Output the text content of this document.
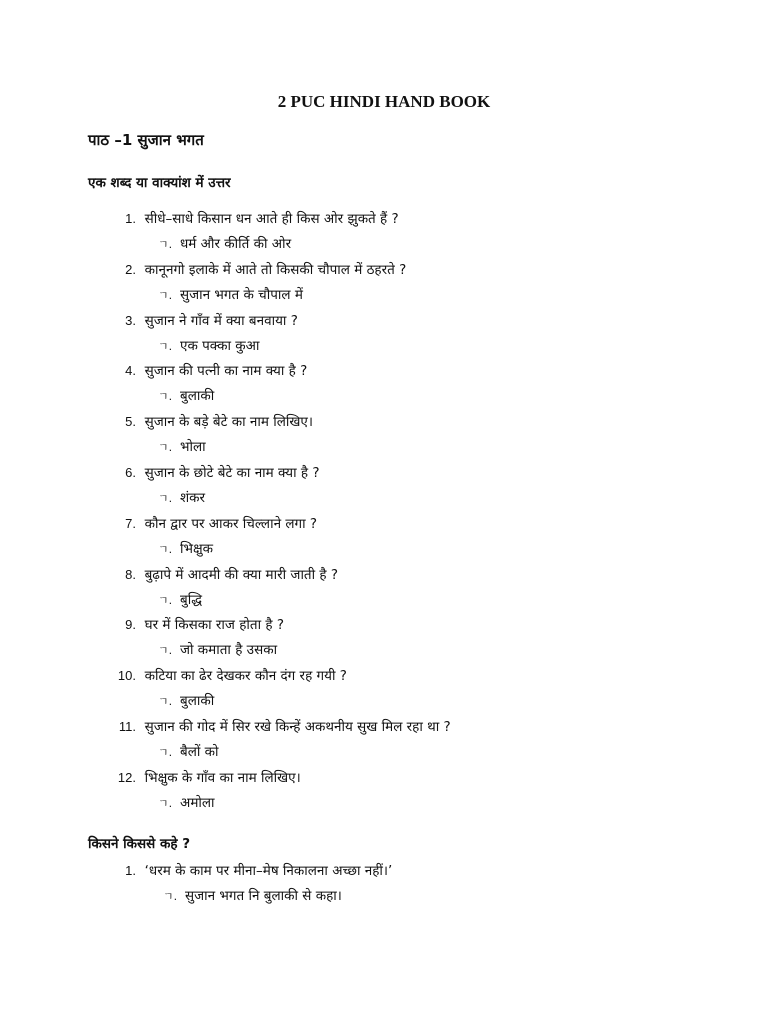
2 PUC HINDI HAND BOOK
पाठ –1 सुजान भगत
एक शब्द या वाक्यांश में उत्तर
1. सीधे–साधे किसान धन आते ही किस ओर झुकते हैं ?
ㄱ. धर्म और कीर्ति की ओर
2. कानूनगो इलाके में आते तो किसकी चौपाल में ठहरते ?
ㄱ. सुजान भगत के चौपाल में
3. सुजान ने गाँव में क्या बनवाया ?
ㄱ. एक पक्का कुआ
4. सुजान की पत्नी का नाम क्या है ?
ㄱ. बुलाकी
5. सुजान के बड़े बेटे का नाम लिखिए।
ㄱ. भोला
6. सुजान के छोटे बेटे का नाम क्या है ?
ㄱ. शंकर
7. कौन द्वार पर आकर चिल्लाने लगा ?
ㄱ. भिक्षुक
8. बुढ़ापे में आदमी की क्या मारी जाती है ?
ㄱ. बुद्धि
9. घर में किसका राज होता है ?
ㄱ. जो कमाता है उसका
10. कटिया का ढेर देखकर कौन दंग रह गयी ?
ㄱ. बुलाकी
11. सुजान की गोद में सिर रखे किन्हें अकथनीय सुख मिल रहा था ?
ㄱ. बैलों को
12. भिक्षुक के गाँव का नाम लिखिए।
ㄱ. अमोला
किसने किससे कहे ?
1. ‘धरम के काम पर मीना–मेष निकालना अच्छा नहीं।’
ㄱ. सुजान भगत नि बुलाकी से कहा।
